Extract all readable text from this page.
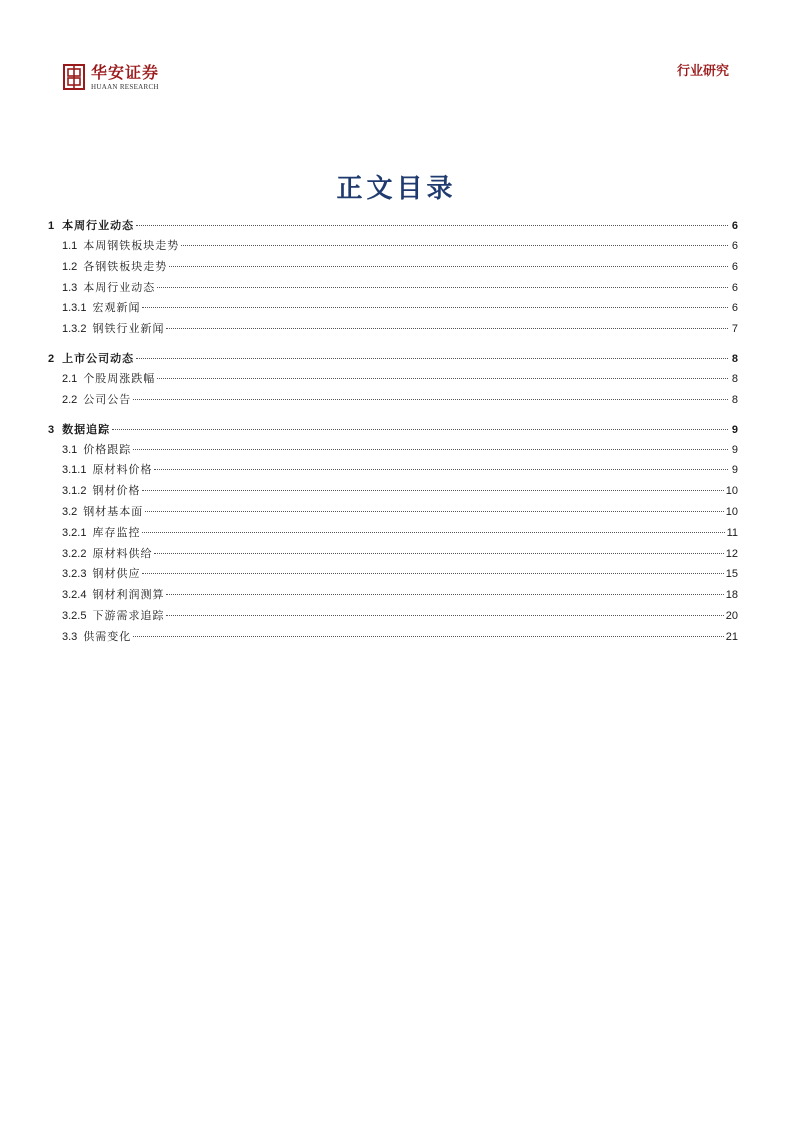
华安证券
HUAAN RESEARCH
行业研究
正文目录
1 本周行业动态	6
1.1 本周钢铁板块走势	6
1.2 各钢铁板块走势	6
1.3 本周行业动态	6
1.3.1 宏观新闻	6
1.3.2 钢铁行业新闻	7
2 上市公司动态	8
2.1 个股周涨跌幅	8
2.2 公司公告	8
3 数据追踪	9
3.1 价格跟踪	9
3.1.1 原材料价格	9
3.1.2 钢材价格	10
3.2 钢材基本面	10
3.2.1 库存监控	11
3.2.2 原材料供给	12
3.2.3 钢材供应	15
3.2.4 钢材利润测算	18
3.2.5 下游需求追踪	20
3.3 供需变化	21
